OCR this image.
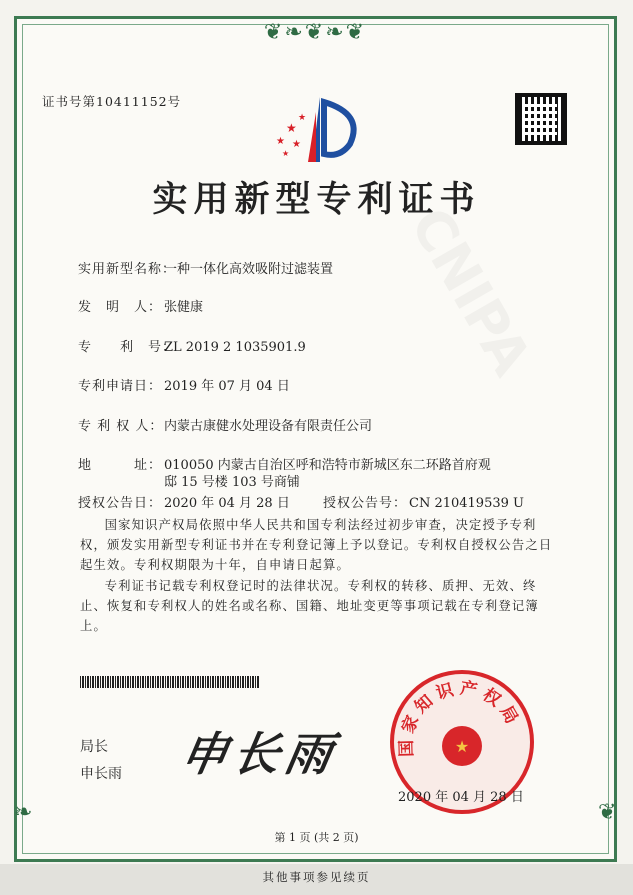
❦❧❦❧❦
❧	❦
证书号第10411152号
★
★ ★
★
★
实用新型专利证书
实用新型名称：一种一体化高效吸附过滤装置
发　明　人： 张健康
专　　利　号：ZL 2019 2 1035901.9
专利申请日： 2019 年 07 月 04 日
专 利 权 人：内蒙古康健水处理设备有限责任公司
地　　　址： 010050 内蒙古自治区呼和浩特市新城区东二环路首府观
邸 15 号楼 103 号商铺
授权公告日： 2020 年 04 月 28 日	授权公告号： CN 210419539 U
国家知识产权局依照中华人民共和国专利法经过初步审查，决定授予专利权，颁发实用新型专利证书并在专利登记簿上予以登记。专利权自授权公告之日起生效。专利权期限为十年，自申请日起算。
专利证书记载专利权登记时的法律状况。专利权的转移、质押、无效、终止、恢复和专利权人的姓名或名称、国籍、地址变更等事项记载在专利登记簿上。
局长
申长雨 申长雨	国家知识产权局
★
2020 年 04 月 28 日
第 1 页 (共 2 页)
其他事项参见续页
